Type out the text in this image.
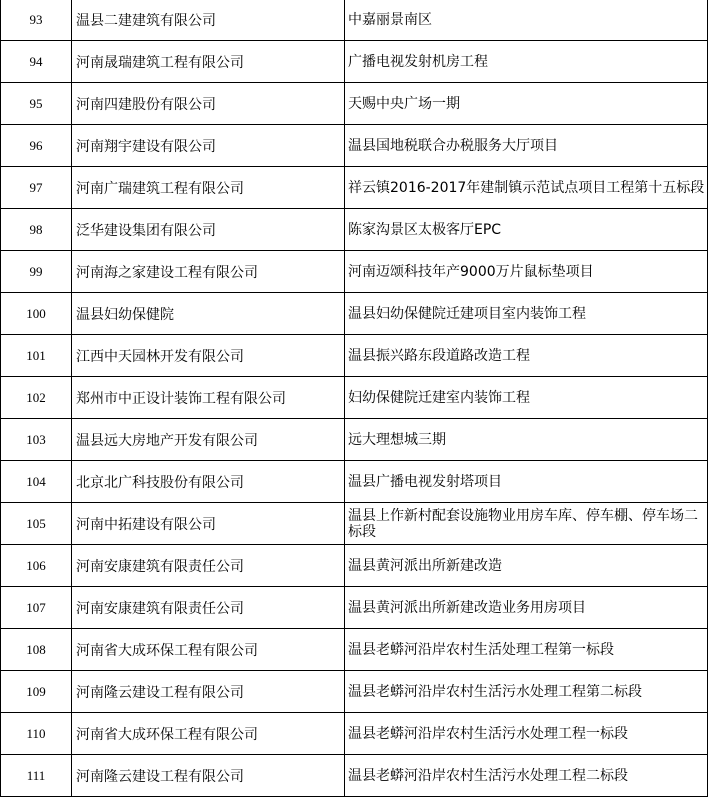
93	温县二建建筑有限公司	中嘉丽景南区
94	河南晟瑞建筑工程有限公司	广播电视发射机房工程
95	河南四建股份有限公司	天赐中央广场一期
96	河南翔宇建设有限公司	温县国地税联合办税服务大厅项目
97	河南广瑞建筑工程有限公司	祥云镇2016-2017年建制镇示范试点项目工程第十五标段
98	泛华建设集团有限公司	陈家沟景区太极客厅EPC
99	河南海之家建设工程有限公司	河南迈颂科技年产9000万片鼠标垫项目
100	温县妇幼保健院	温县妇幼保健院迁建项目室内装饰工程
101	江西中天园林开发有限公司	温县振兴路东段道路改造工程
102	郑州市中正设计装饰工程有限公司	妇幼保健院迁建室内装饰工程
103	温县远大房地产开发有限公司	远大理想城三期
104	北京北广科技股份有限公司	温县广播电视发射塔项目
105	河南中拓建设有限公司	温县上作新村配套设施物业用房车库、停车棚、停车场二标段
106	河南安康建筑有限责任公司	温县黄河派出所新建改造
107	河南安康建筑有限责任公司	温县黄河派出所新建改造业务用房项目
108	河南省大成环保工程有限公司	温县老蟒河沿岸农村生活处理工程第一标段
109	河南隆云建设工程有限公司	温县老蟒河沿岸农村生活污水处理工程第二标段
110	河南省大成环保工程有限公司	温县老蟒河沿岸农村生活污水处理工程一标段
111	河南隆云建设工程有限公司	温县老蟒河沿岸农村生活污水处理工程二标段
